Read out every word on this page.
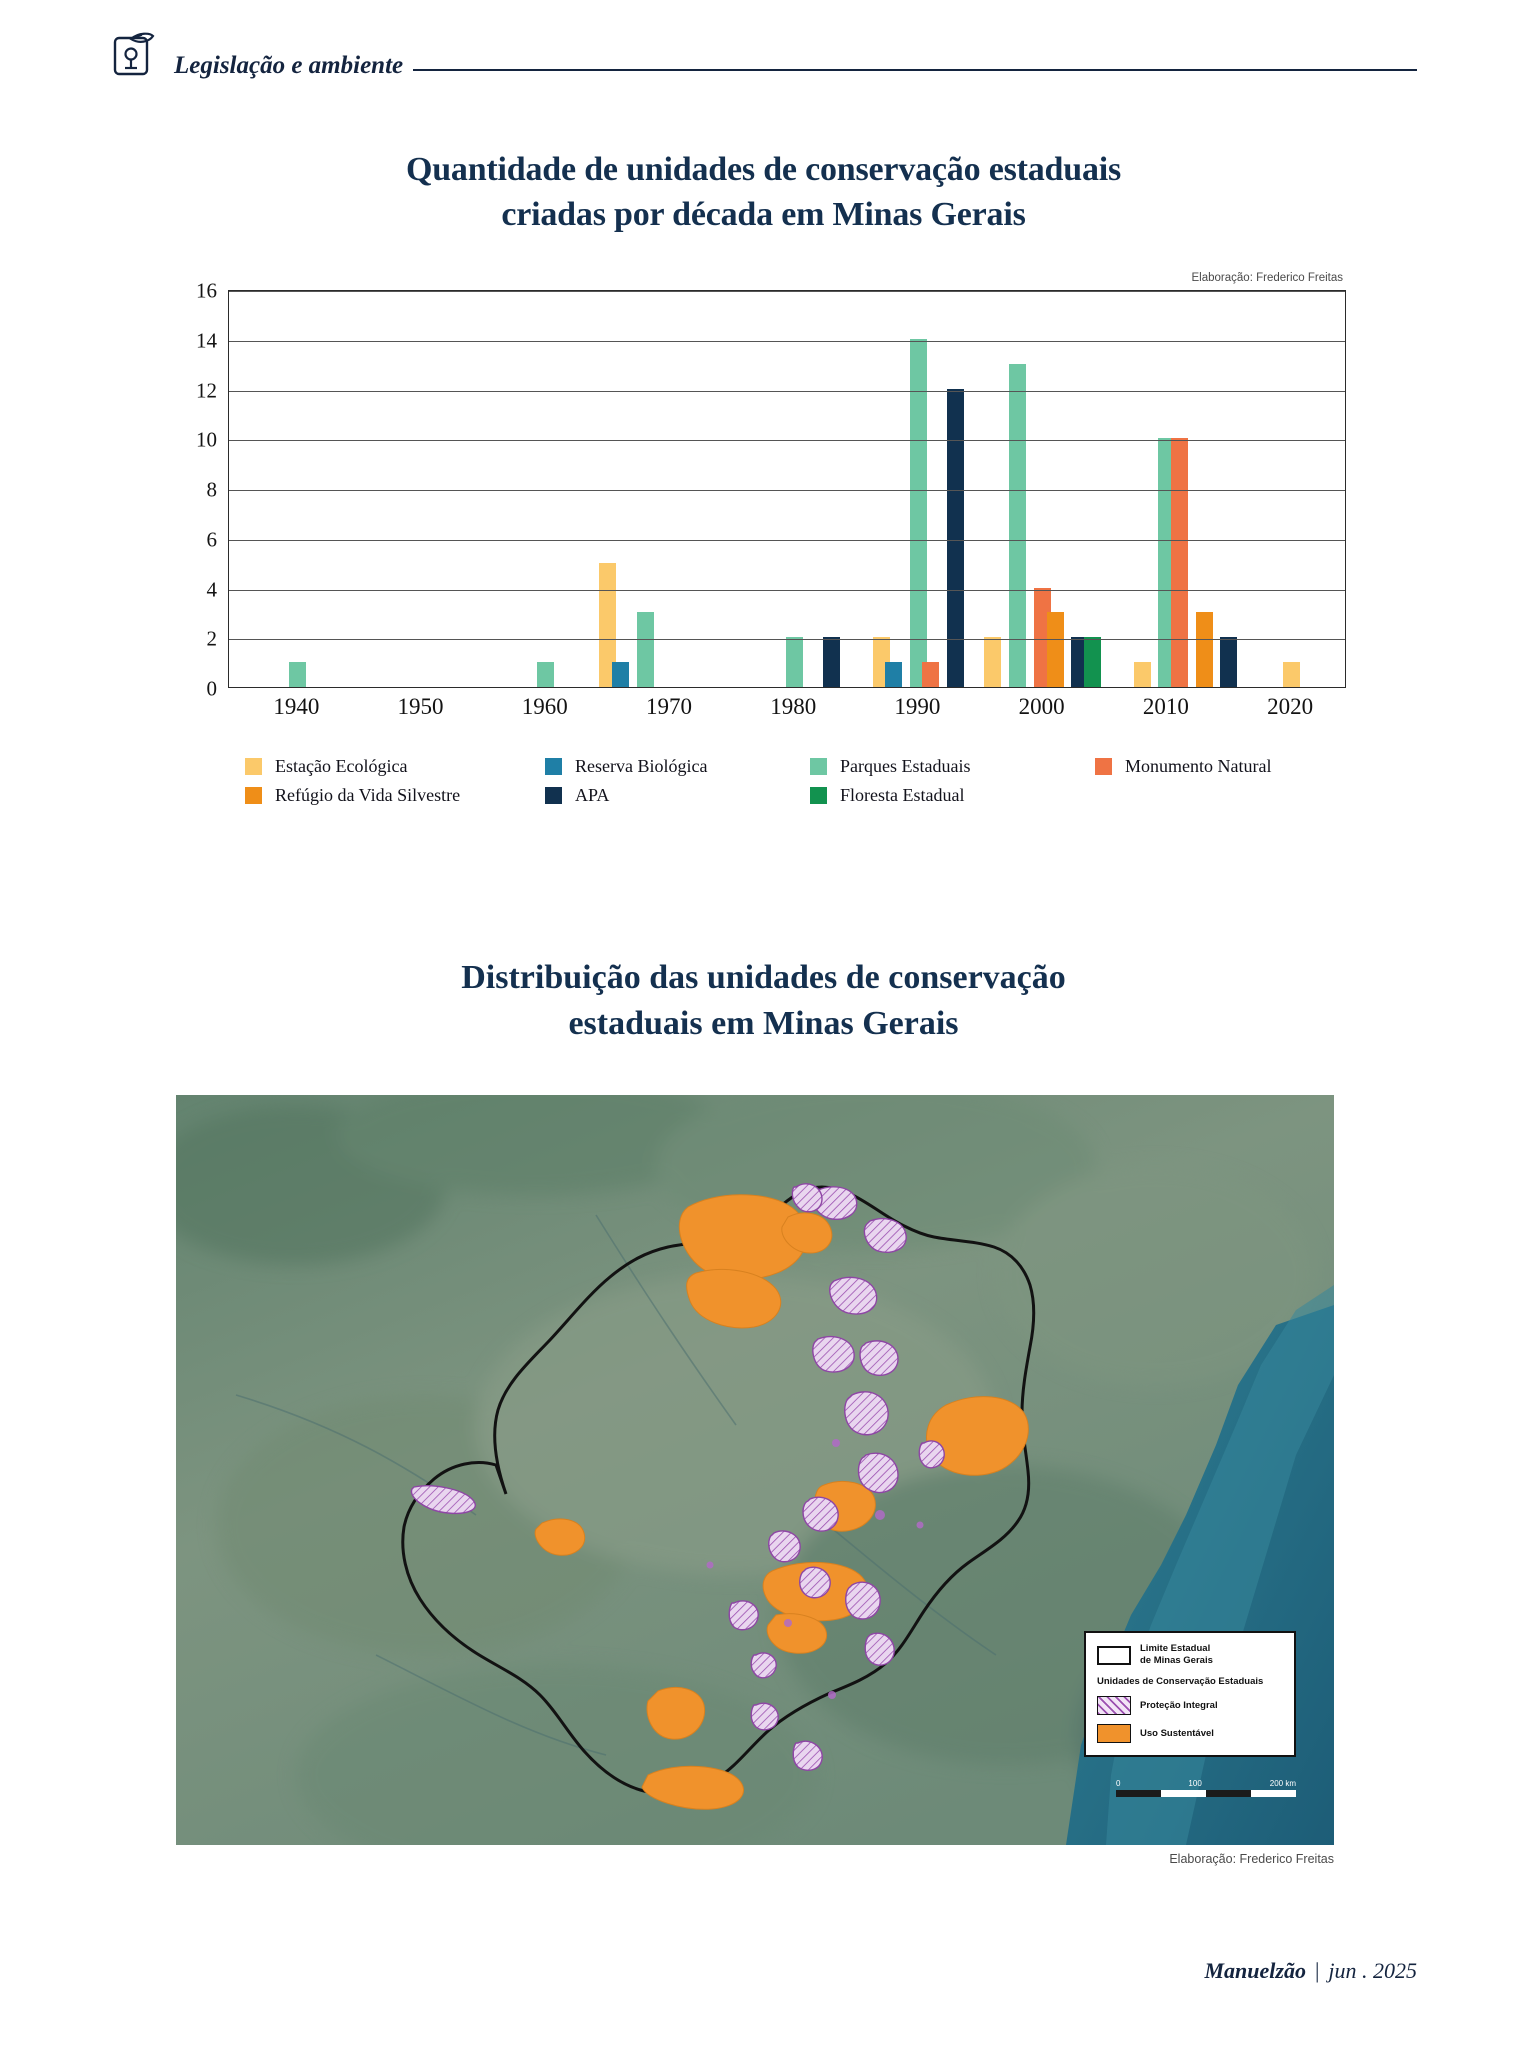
Legislação e ambiente
Quantidade de unidades de conservação estaduais
criadas por década em Minas Gerais
Elaboração: Frederico Freitas
0
2
4
6
8
10
12
14
16
1940	1950	1960	1970	1980	1990	2000	2010	2020
Estação Ecológica	Reserva Biológica	Parques Estaduais	Monumento Natural
Refúgio da Vida Silvestre	APA	Floresta Estadual
Distribuição das unidades de conservação
estaduais em Minas Gerais
Limite Estadual
de Minas Gerais
Unidades de Conservação Estaduais
Proteção Integral
Uso Sustentável
0	100	200 km
Elaboração: Frederico Freitas
Manuelzão | jun . 2025
